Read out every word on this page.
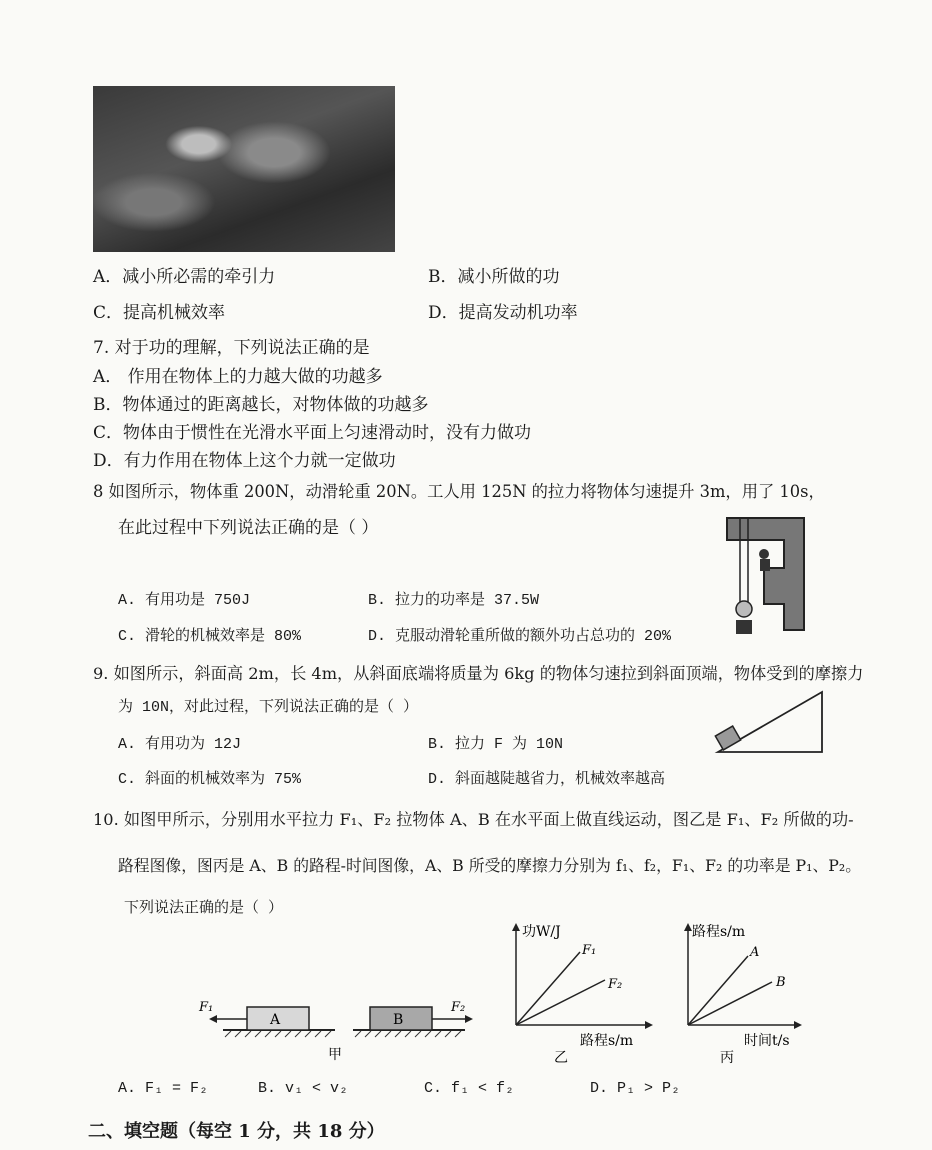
A．减小所必需的牵引力	B．减小所做的功
C．提高机械效率	D．提高发动机功率
7. 对于功的理解，下列说法正确的是
A． 作用在物体上的力越大做的功越多
B．物体通过的距离越长，对物体做的功越多
C．物体由于惯性在光滑水平面上匀速滑动时，没有力做功
D．有力作用在物体上这个力就一定做功
8 如图所示，物体重 200N，动滑轮重 20N。工人用 125N 的拉力将物体匀速提升 3m，用了 10s，
在此过程中下列说法正确的是（ ）
A. 有用功是 750J	B. 拉力的功率是 37.5W
C. 滑轮的机械效率是 80%	D. 克服动滑轮重所做的额外功占总功的 20%
9. 如图所示，斜面高 2m，长 4m，从斜面底端将质量为 6kg 的物体匀速拉到斜面顶端，物体受到的摩擦力
为 10N，对此过程，下列说法正确的是（ ）
A. 有用功为 12J	B. 拉力 F 为 10N
C. 斜面的机械效率为 75%	D. 斜面越陡越省力，机械效率越高
10. 如图甲所示，分别用水平拉力 F₁、F₂ 拉物体 A、B 在水平面上做直线运动，图乙是 F₁、F₂ 所做的功-
路程图像，图丙是 A、B 的路程-时间图像，A、B 所受的摩擦力分别为 f₁、f₂，F₁、F₂ 的功率是 P₁、P₂。
下列说法正确的是（ ）
A	B
F₁	F₂
甲
功W/J
路程s/m
F₁
F₂
乙
路程s/m
时间t/s
A
B
丙
A. F₁ = F₂	B. v₁ < v₂	C. f₁ < f₂	D. P₁ > P₂
二、填空题（每空 1 分，共 18 分）
